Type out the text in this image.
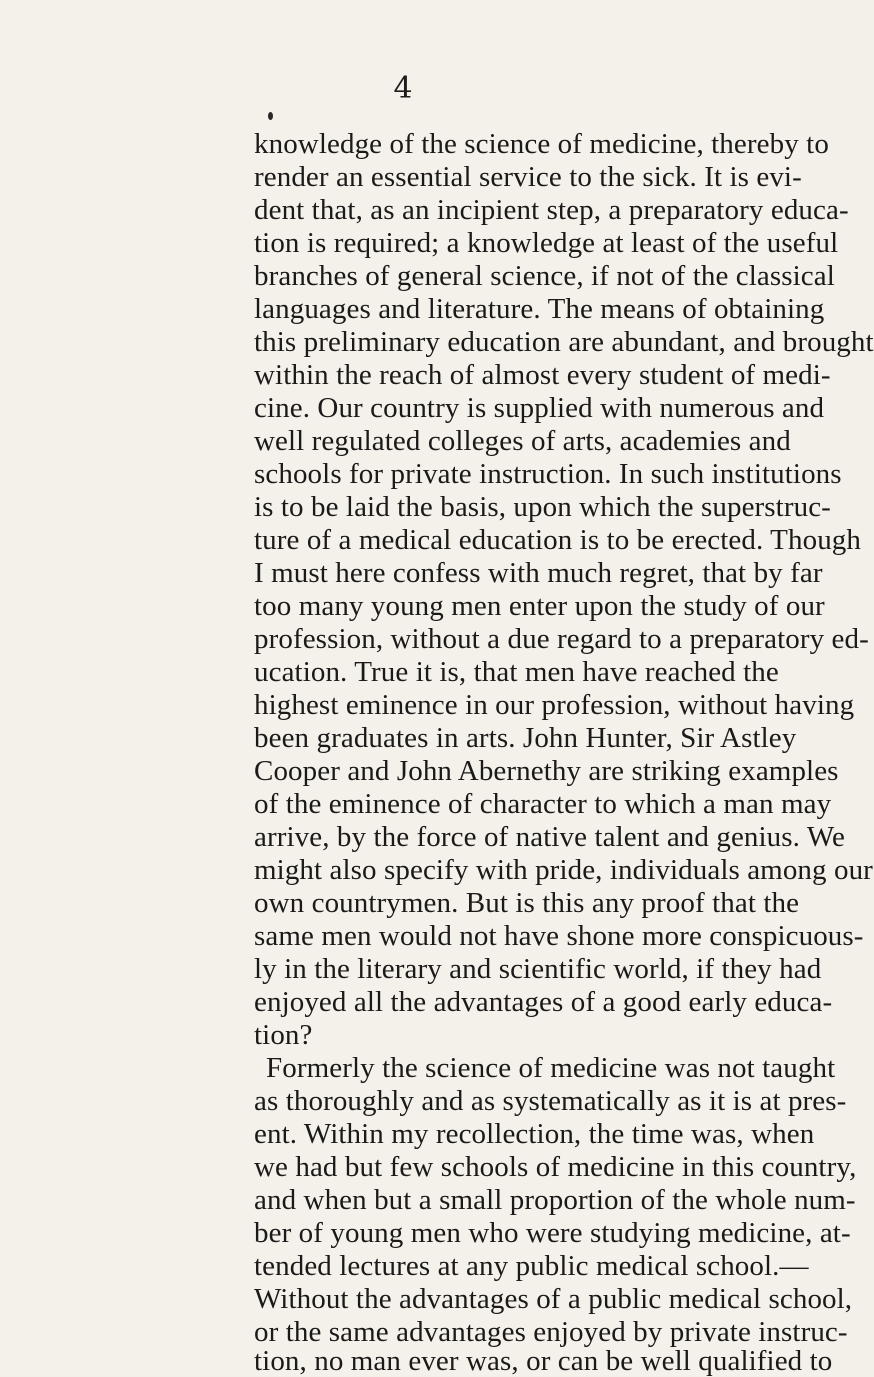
4
knowledge of the science of medicine, thereby to
render an essential service to the sick. It is evi-
dent that, as an incipient step, a preparatory educa-
tion is required; a knowledge at least of the useful
branches of general science, if not of the classical
languages and literature. The means of obtaining
this preliminary education are abundant, and brought
within the reach of almost every student of medi-
cine. Our country is supplied with numerous and
well regulated colleges of arts, academies and
schools for private instruction. In such institutions
is to be laid the basis, upon which the superstruc-
ture of a medical education is to be erected. Though
I must here confess with much regret, that by far
too many young men enter upon the study of our
profession, without a due regard to a preparatory ed-
ucation. True it is, that men have reached the
highest eminence in our profession, without having
been graduates in arts. John Hunter, Sir Astley
Cooper and John Abernethy are striking examples
of the eminence of character to which a man may
arrive, by the force of native talent and genius. We
might also specify with pride, individuals among our
own countrymen. But is this any proof that the
same men would not have shone more conspicuous-
ly in the literary and scientific world, if they had
enjoyed all the advantages of a good early educa-
tion?
Formerly the science of medicine was not taught
as thoroughly and as systematically as it is at pres-
ent. Within my recollection, the time was, when
we had but few schools of medicine in this country,
and when but a small proportion of the whole num-
ber of young men who were studying medicine, at-
tended lectures at any public medical school.—
Without the advantages of a public medical school,
or the same advantages enjoyed by private instruc-
tion, no man ever was, or can be well qualified to
